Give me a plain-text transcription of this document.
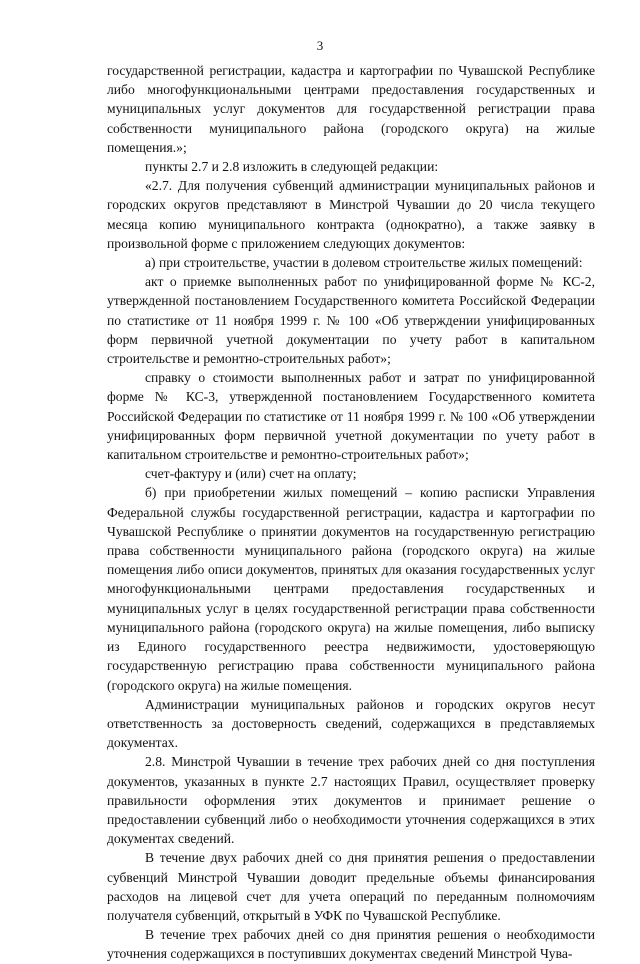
3

государственной регистрации, кадастра и картографии по Чувашской Республике либо многофункциональными центрами предоставления государственных и муниципальных услуг документов для государственной регистрации права собственности муниципального района (городского округа) на жилые помещения.»;

пункты 2.7 и 2.8 изложить в следующей редакции:

«2.7. Для получения субвенций администрации муниципальных районов и городских округов представляют в Минстрой Чувашии до 20 числа текущего месяца копию муниципального контракта (однократно), а также заявку в произвольной форме с приложением следующих документов:

а) при строительстве, участии в долевом строительстве жилых помещений:

акт о приемке выполненных работ по унифицированной форме № КС-2, утвержденной постановлением Государственного комитета Российской Федерации по статистике от 11 ноября 1999 г. № 100 «Об утверждении унифицированных форм первичной учетной документации по учету работ в капитальном строительстве и ремонтно-строительных работ»;

справку о стоимости выполненных работ и затрат по унифицированной форме № КС-3, утвержденной постановлением Государственного комитета Российской Федерации по статистике от 11 ноября 1999 г. № 100 «Об утверждении унифицированных форм первичной учетной документации по учету работ в капитальном строительстве и ремонтно-строительных работ»;

счет-фактуру и (или) счет на оплату;

б) при приобретении жилых помещений – копию расписки Управления Федеральной службы государственной регистрации, кадастра и картографии по Чувашской Республике о принятии документов на государственную регистрацию права собственности муниципального района (городского округа) на жилые помещения либо описи документов, принятых для оказания государственных услуг многофункциональными центрами предоставления государственных и муниципальных услуг в целях государственной регистрации права собственности муниципального района (городского округа) на жилые помещения, либо выписку из Единого государственного реестра недвижимости, удостоверяющую государственную регистрацию права собственности муниципального района (городского округа) на жилые помещения.

Администрации муниципальных районов и городских округов несут ответственность за достоверность сведений, содержащихся в представляемых документах.

2.8. Минстрой Чувашии в течение трех рабочих дней со дня поступления документов, указанных в пункте 2.7 настоящих Правил, осуществляет проверку правильности оформления этих документов и принимает решение о предоставлении субвенций либо о необходимости уточнения содержащихся в этих документах сведений.

В течение двух рабочих дней со дня принятия решения о предоставлении субвенций Минстрой Чувашии доводит предельные объемы финансирования расходов на лицевой счет для учета операций по переданным полномочиям получателя субвенций, открытый в УФК по Чувашской Республике.

В течение трех рабочих дней со дня принятия решения о необходимости уточнения содержащихся в поступивших документах сведений Минстрой Чува-
